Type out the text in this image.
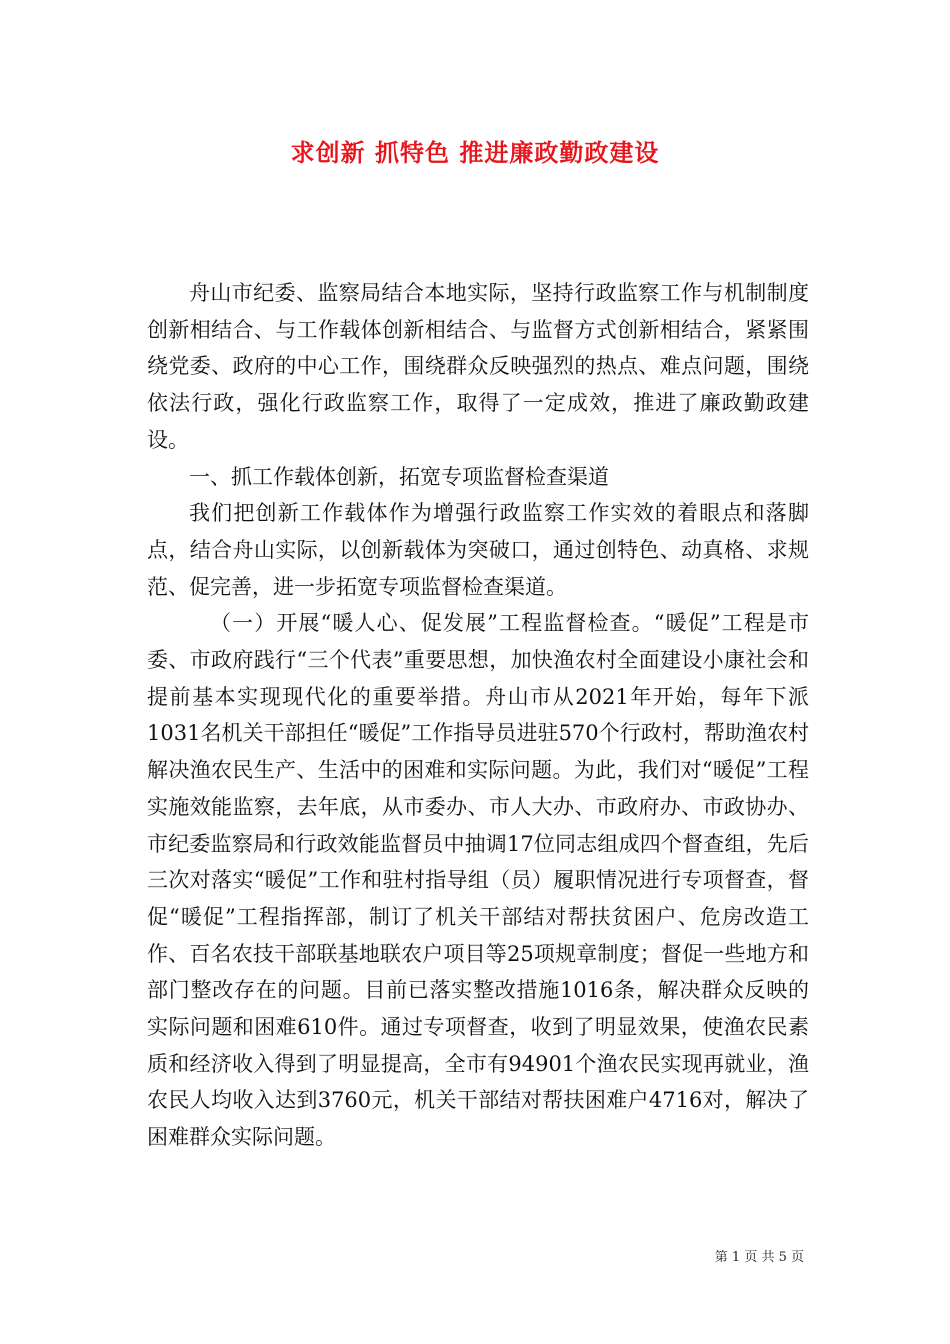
求创新 抓特色 推进廉政勤政建设

舟山市纪委、监察局结合本地实际，坚持行政监察工作与机制制度创新相结合、与工作载体创新相结合、与监督方式创新相结合，紧紧围绕党委、政府的中心工作，围绕群众反映强烈的热点、难点问题，围绕依法行政，强化行政监察工作，取得了一定成效，推进了廉政勤政建设。

一、抓工作载体创新，拓宽专项监督检查渠道

我们把创新工作载体作为增强行政监察工作实效的着眼点和落脚点，结合舟山实际，以创新载体为突破口，通过创特色、动真格、求规范、促完善，进一步拓宽专项监督检查渠道。

（一）开展“暖人心、促发展”工程监督检查。“暖促”工程是市委、市政府践行“三个代表”重要思想，加快渔农村全面建设小康社会和提前基本实现现代化的重要举措。舟山市从2021年开始，每年下派1031名机关干部担任“暖促”工作指导员进驻570个行政村，帮助渔农村解决渔农民生产、生活中的困难和实际问题。为此，我们对“暖促”工程实施效能监察，去年底，从市委办、市人大办、市政府办、市政协办、市纪委监察局和行政效能监督员中抽调17位同志组成四个督查组，先后三次对落实“暖促”工作和驻村指导组（员）履职情况进行专项督查，督促“暖促”工程指挥部，制订了机关干部结对帮扶贫困户、危房改造工作、百名农技干部联基地联农户项目等25项规章制度；督促一些地方和部门整改存在的问题。目前已落实整改措施1016条，解决群众反映的实际问题和困难610件。通过专项督查，收到了明显效果，使渔农民素质和经济收入得到了明显提高，全市有94901个渔农民实现再就业，渔农民人均收入达到3760元，机关干部结对帮扶困难户4716对，解决了困难群众实际问题。

第 1 页 共 5 页
